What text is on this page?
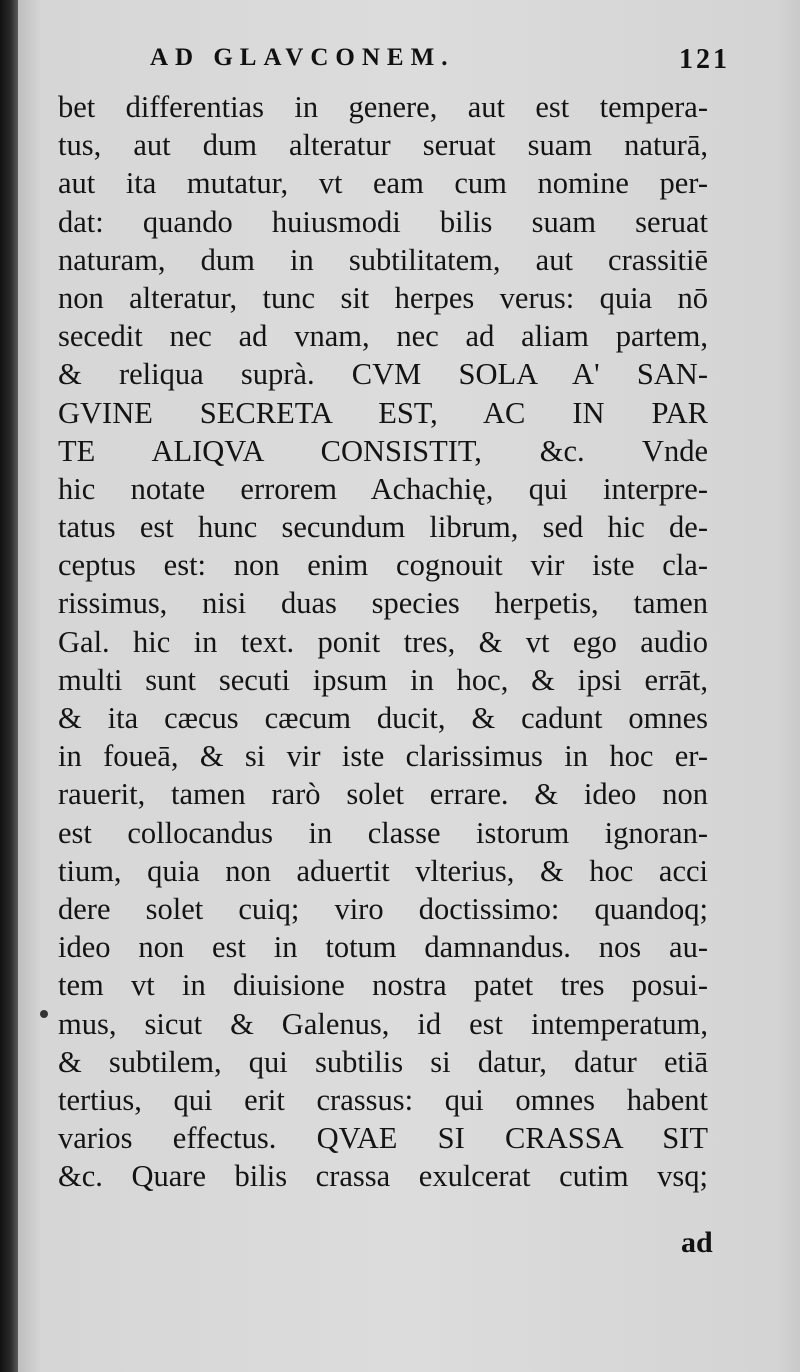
AD GLAVCONEM.	121
bet differentias in genere, aut est tempera-
tus, aut dum alteratur seruat suam naturā,
aut ita mutatur, vt eam cum nomine per-
dat: quando huiusmodi bilis suam seruat
naturam, dum in subtilitatem, aut crassitiē
non alteratur, tunc sit herpes verus: quia nō
secedit nec ad vnam, nec ad aliam partem,
& reliqua suprà. CVM SOLA A' SAN-
GVINE SECRETA EST, AC IN PAR
TE ALIQVA CONSISTIT, &c. Vnde
hic notate errorem Achachię, qui interpre-
tatus est hunc secundum librum, sed hic de-
ceptus est: non enim cognouit vir iste cla-
rissimus, nisi duas species herpetis, tamen
Gal. hic in text. ponit tres, & vt ego audio
multi sunt secuti ipsum in hoc, & ipsi errāt,
& ita cæcus cæcum ducit, & cadunt omnes
in foueā, & si vir iste clarissimus in hoc er-
rauerit, tamen rarò solet errare. & ideo non
est collocandus in classe istorum ignoran-
tium, quia non aduertit vlterius, & hoc acci
dere solet cuiq; viro doctissimo: quandoq;
ideo non est in totum damnandus. nos au-
tem vt in diuisione nostra patet tres posui-
mus, sicut & Galenus, id est intemperatum,
& subtilem, qui subtilis si datur, datur etiā
tertius, qui erit crassus: qui omnes habent
varios effectus. QVAE SI CRASSA SIT
&c. Quare bilis crassa exulcerat cutim vsq;
ad
